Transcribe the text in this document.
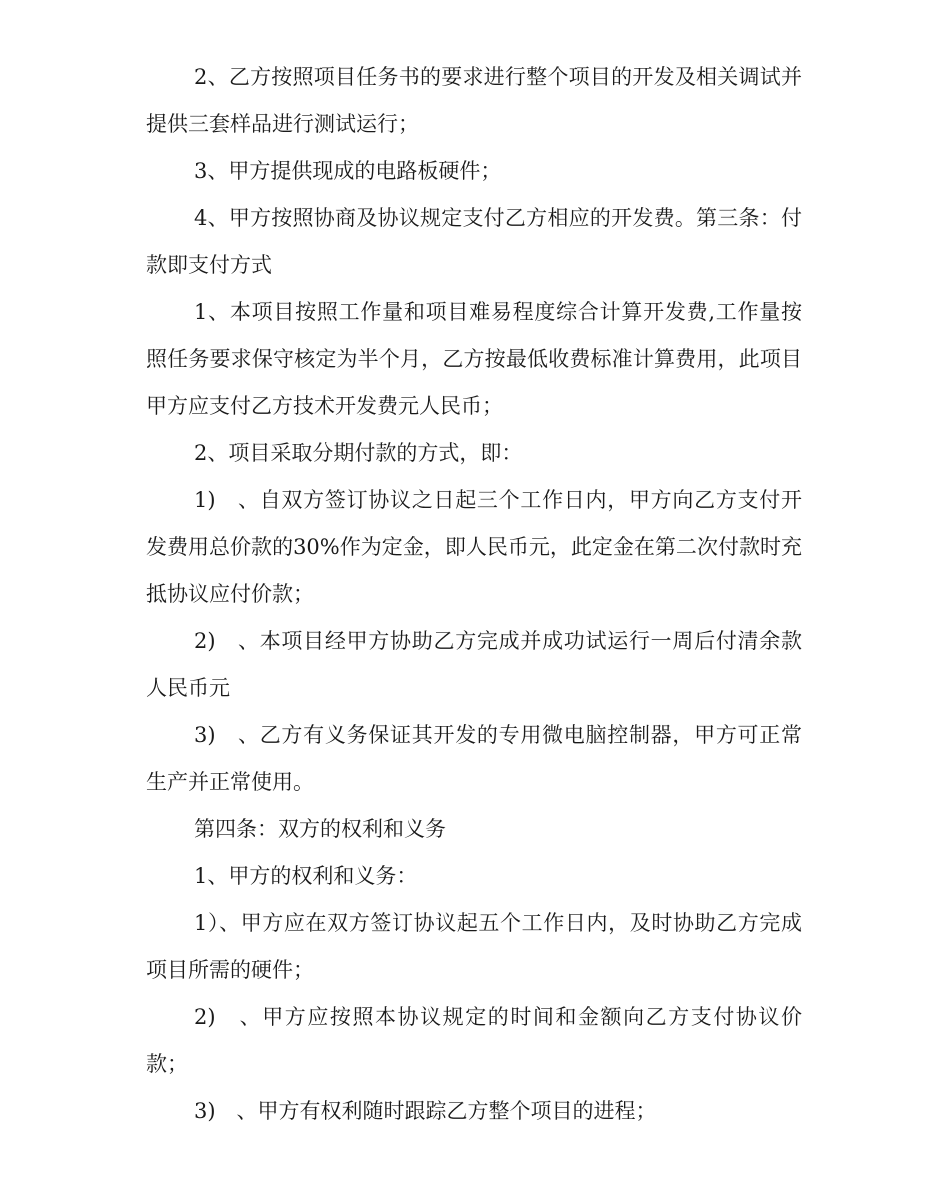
2、乙方按照项目任务书的要求进行整个项目的开发及相关调试并提供三套样品进行测试运行；

3、甲方提供现成的电路板硬件；

4、甲方按照协商及协议规定支付乙方相应的开发费。第三条：付款即支付方式

1、本项目按照工作量和项目难易程度综合计算开发费,工作量按照任务要求保守核定为半个月，乙方按最低收费标准计算费用，此项目甲方应支付乙方技术开发费元人民币；

2、项目采取分期付款的方式，即：

1)　、自双方签订协议之日起三个工作日内，甲方向乙方支付开发费用总价款的30%作为定金，即人民币元，此定金在第二次付款时充抵协议应付价款；

2)　、本项目经甲方协助乙方完成并成功试运行一周后付清余款人民币元

3)　、乙方有义务保证其开发的专用微电脑控制器，甲方可正常生产并正常使用。

第四条：双方的权利和义务

1、甲方的权利和义务：

1）、甲方应在双方签订协议起五个工作日内，及时协助乙方完成项目所需的硬件；

2)　、甲方应按照本协议规定的时间和金额向乙方支付协议价款；

3)　、甲方有权利随时跟踪乙方整个项目的进程；
